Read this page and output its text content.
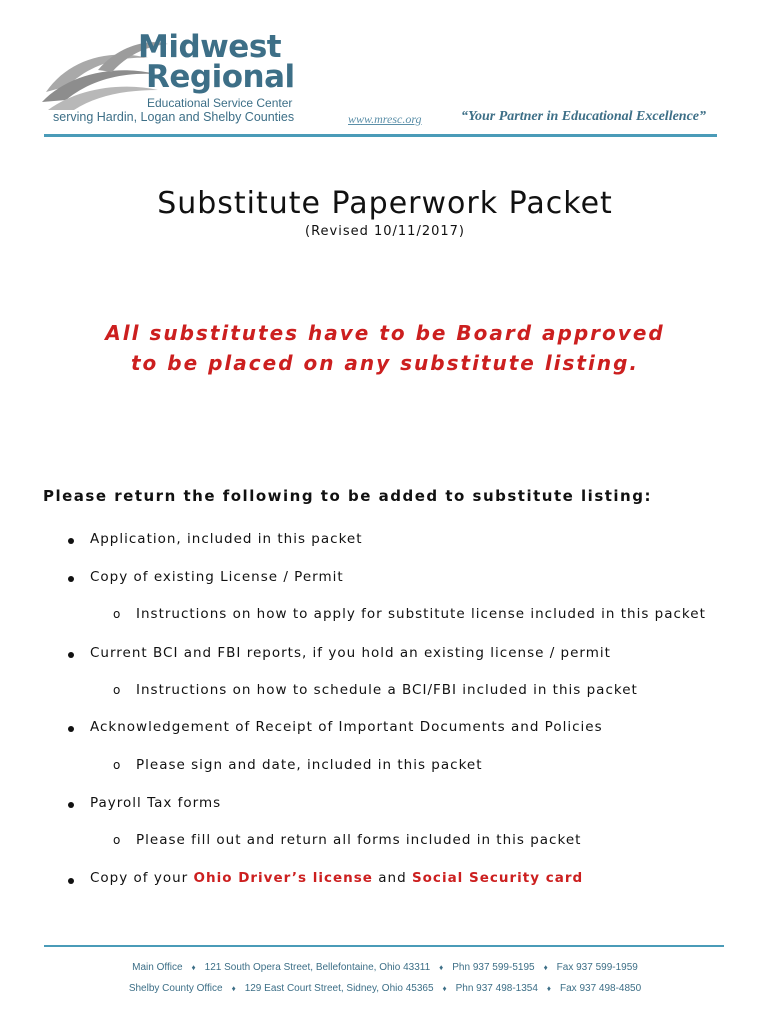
Midwest
Regional
Educational Service Center
serving Hardin, Logan and Shelby Counties	www.mresc.org	“Your Partner in Educational Excellence”
Substitute Paperwork Packet
(Revised 10/11/2017)
All substitutes have to be Board approved
to be placed on any substitute listing.
Please return the following to be added to substitute listing:
Application, included in this packet
Copy of existing License / Permit
o Instructions on how to apply for substitute license included in this packet
Current BCI and FBI reports, if you hold an existing license / permit
o Instructions on how to schedule a BCI/FBI included in this packet
Acknowledgement of Receipt of Important Documents and Policies
o Please sign and date, included in this packet
Payroll Tax forms
o Please fill out and return all forms included in this packet
Copy of your Ohio Driver’s license and Social Security card
Main Office ♦ 121 South Opera Street, Bellefontaine, Ohio 43311 ♦ Phn 937 599-5195 ♦ Fax 937 599-1959
Shelby County Office ♦ 129 East Court Street, Sidney, Ohio 45365 ♦ Phn 937 498-1354 ♦ Fax 937 498-4850
